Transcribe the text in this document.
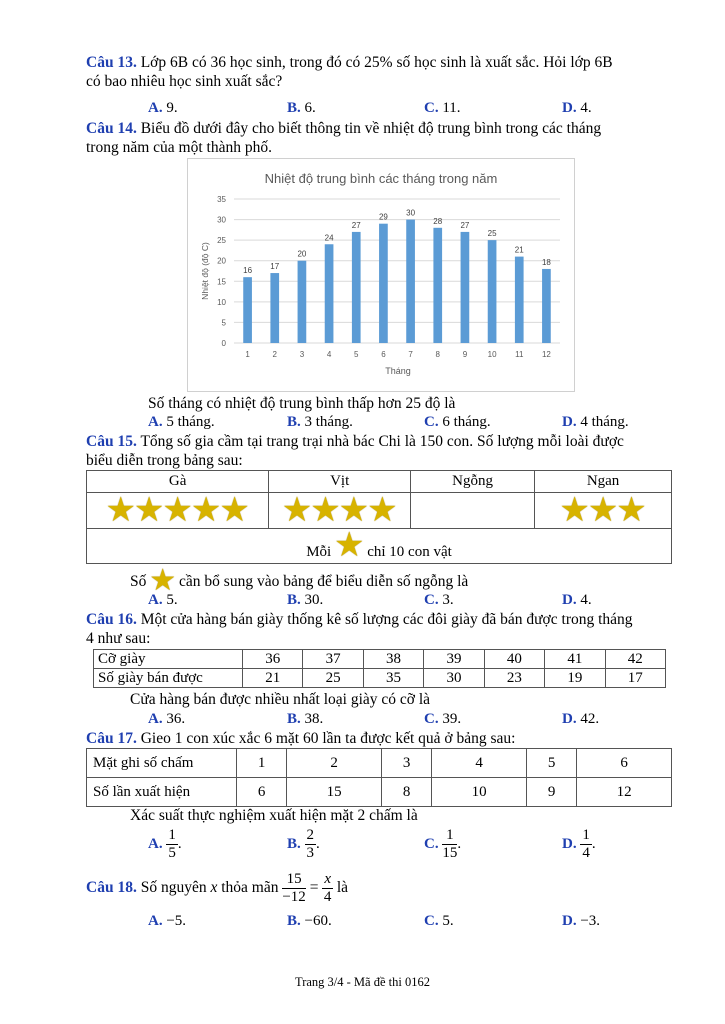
Câu 13. Lớp 6B có 36 học sinh, trong đó có 25% số học sinh là xuất sắc. Hỏi lớp 6B
có bao nhiêu học sinh xuất sắc?
A. 9.	B. 6.	C. 11.	D. 4.
Câu 14. Biểu đồ dưới đây cho biết thông tin về nhiệt độ trung bình trong các tháng
trong năm của một thành phố.
Nhiệt độ trung bình các tháng trong năm
Tháng
Nhiệt độ (độ C)
0
5
10
15
20
25
30
35
16
1
17
2
20
3
24
4
27
5
29
6
30
7
28
8
27
9
25
10
21
11
18
12
Số tháng có nhiệt độ trung bình thấp hơn 25 độ là
A. 5 tháng.	B. 3 tháng.	C. 6 tháng.	D. 4 tháng.
Câu 15. Tổng số gia cầm tại trang trại nhà bác Chi là 150 con. Số lượng mỗi loài được
biểu diễn trong bảng sau:
Gà	Vịt	Ngỗng	Ngan
★★★★★	★★★★		★★★
Mỗi ★ chỉ 10 con vật			
Số ★ cần bổ sung vào bảng để biểu diễn số ngỗng là
A. 5.	B. 30.	C. 3.	D. 4.
Câu 16. Một cửa hàng bán giày thống kê số lượng các đôi giày đã bán được trong tháng
4 như sau:
Cỡ giày	36	37	38	39	40	41	42
Số giày bán được	21	25	35	30	23	19	17
Cửa hàng bán được nhiều nhất loại giày có cỡ là
A. 36.	B. 38.	C. 39.	D. 42.
Câu 17. Gieo 1 con xúc xắc 6 mặt 60 lần ta được kết quả ở bảng sau:
Mặt ghi số chấm	1	2	3	4	5	6
Số lần xuất hiện	6	15	8	10	9	12
Xác suất thực nghiệm xuất hiện mặt 2 chấm là
A. $\frac{1}{5}$ .	B. $\frac{2}{3}$ .	C. $\frac{1}{15}$ .	D. $\frac{1}{4}$ .
Câu 18. Số nguyên x thỏa mãn $\frac{15}{-12} = \frac{x}{4}$ là
A. −5.	B. −60.	C. 5.	D. −3.
Trang 3/4 - Mã đề thi 0162
